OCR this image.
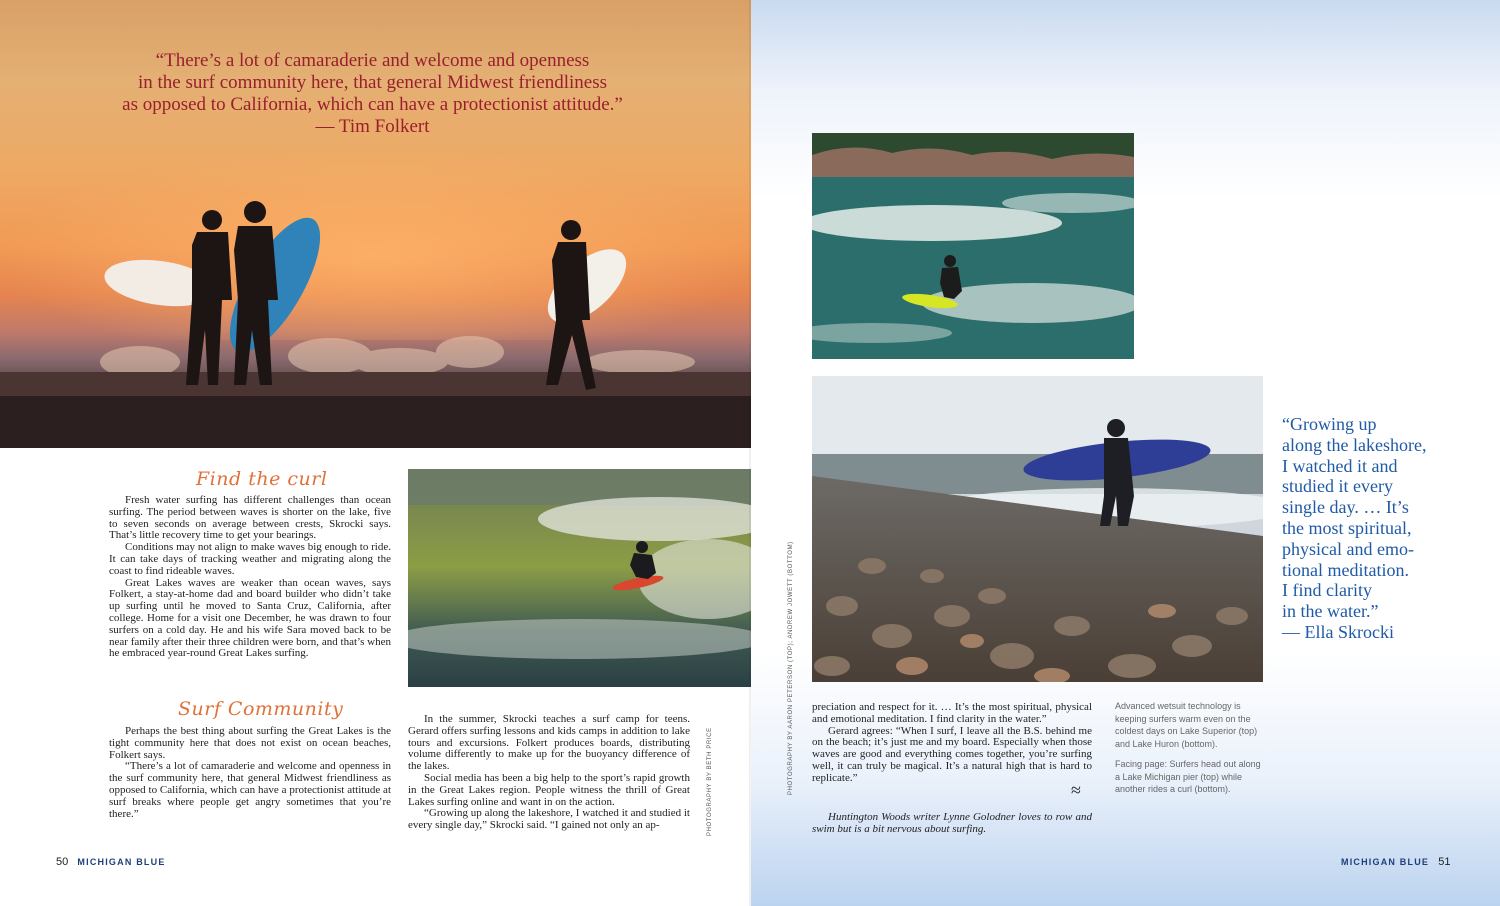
“There’s a lot of camaraderie and welcome and openness

in the surf community here, that general Midwest friendliness

as opposed to California, which can have a protectionist attitude.”

— Tim Folkert

Find the curl

Fresh water surfing has different challenges than ocean surfing. The period between waves is shorter on the lake, five to seven seconds on average between crests, Skrocki says. That’s little recovery time to get your bearings.

Conditions may not align to make waves big enough to ride. It can take days of tracking weather and migrating along the coast to find rideable waves.

Great Lakes waves are weaker than ocean waves, says Folkert, a stay-at-home dad and board builder who didn’t take up surfing until he moved to Santa Cruz, California, after college. Home for a visit one December, he was drawn to four surfers on a cold day. He and his wife Sara moved back to be near family after their three children were born, and that’s when he embraced year-round Great Lakes surfing.

Surf Community

Perhaps the best thing about surfing the Great Lakes is the tight community here that does not exist on ocean beaches, Folkert says.

“There’s a lot of camaraderie and welcome and openness in the surf community here, that general Midwest friendliness as opposed to California, which can have a protectionist attitude at surf breaks where people get angry sometimes that you’re there.”

In the summer, Skrocki teaches a surf camp for teens. Gerard offers surfing lessons and kids camps in addition to lake tours and excursions. Folkert produces boards, distributing volume differently to make up for the buoyancy difference of the lakes.

Social media has been a big help to the sport’s rapid growth in the Great Lakes region. People witness the thrill of Great Lakes surfing online and want in on the action.

“Growing up along the lakeshore, I watched it and studied it every single day,” Skrocki said. “I gained not only an ap-	PHOTOGRAPHY BY BETH PRICE
50 MICHIGAN BLUE
PHOTOGRAPHY BY AARON PETERSON (TOP); ANDREW JOWETT (BOTTOM) preciation and respect for it. … It’s the most spiritual, physical and emotional meditation. I find clarity in the water.”

Gerard agrees: “When I surf, I leave all the B.S. behind me on the beach; it’s just me and my board. Especially when those waves are good and everything comes together, you’re surfing well, it can truly be magical. It’s a natural high that is hard to replicate.”

≈

Huntington Woods writer Lynne Golodner loves to row and swim but is a bit nervous about surfing.

Advanced wetsuit technology is keeping surfers warm even on the coldest days on Lake Superior (top) and Lake Huron (bottom).

Facing page: Surfers head out along a Lake Michigan pier (top) while another rides a curl (bottom).

MICHIGAN BLUE 51
“Growing up
along the lakeshore,
I watched it and
studied it every
single day. … It’s
the most spiritual,
physical and emo-
tional meditation.
I find clarity
in the water.”
— Ella Skrocki
